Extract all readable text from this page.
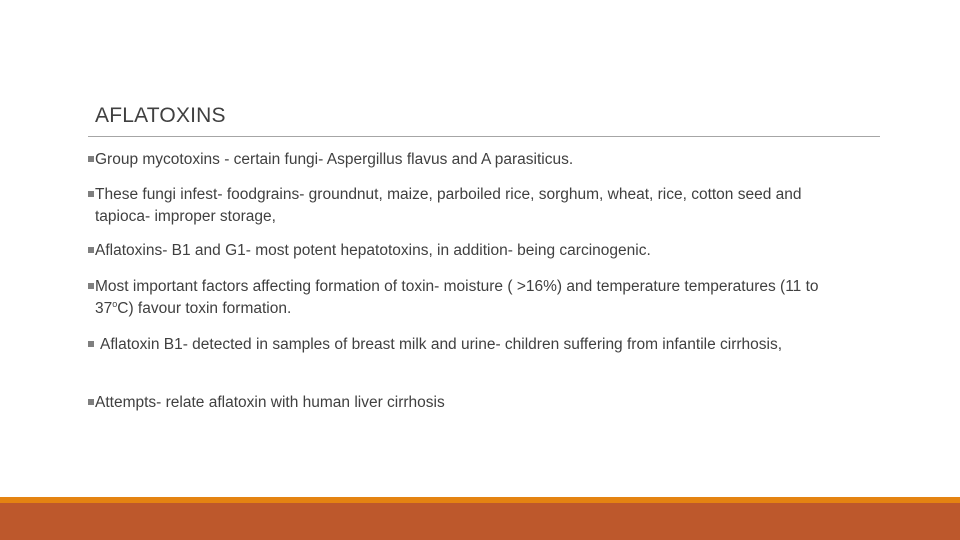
AFLATOXINS
Group mycotoxins - certain fungi- Aspergillus flavus and A parasiticus.
These fungi infest- foodgrains- groundnut, maize, parboiled rice, sorghum, wheat, rice, cotton seed and tapioca- improper storage,
Aflatoxins- B1 and G1- most potent hepatotoxins, in addition- being carcinogenic.
Most important factors affecting formation of toxin- moisture ( >16%) and temperature temperatures (11 to 37$^o$C) favour toxin formation.
Aflatoxin B1- detected in samples of breast milk and urine- children suffering from infantile cirrhosis,
Attempts- relate aflatoxin with human liver cirrhosis
